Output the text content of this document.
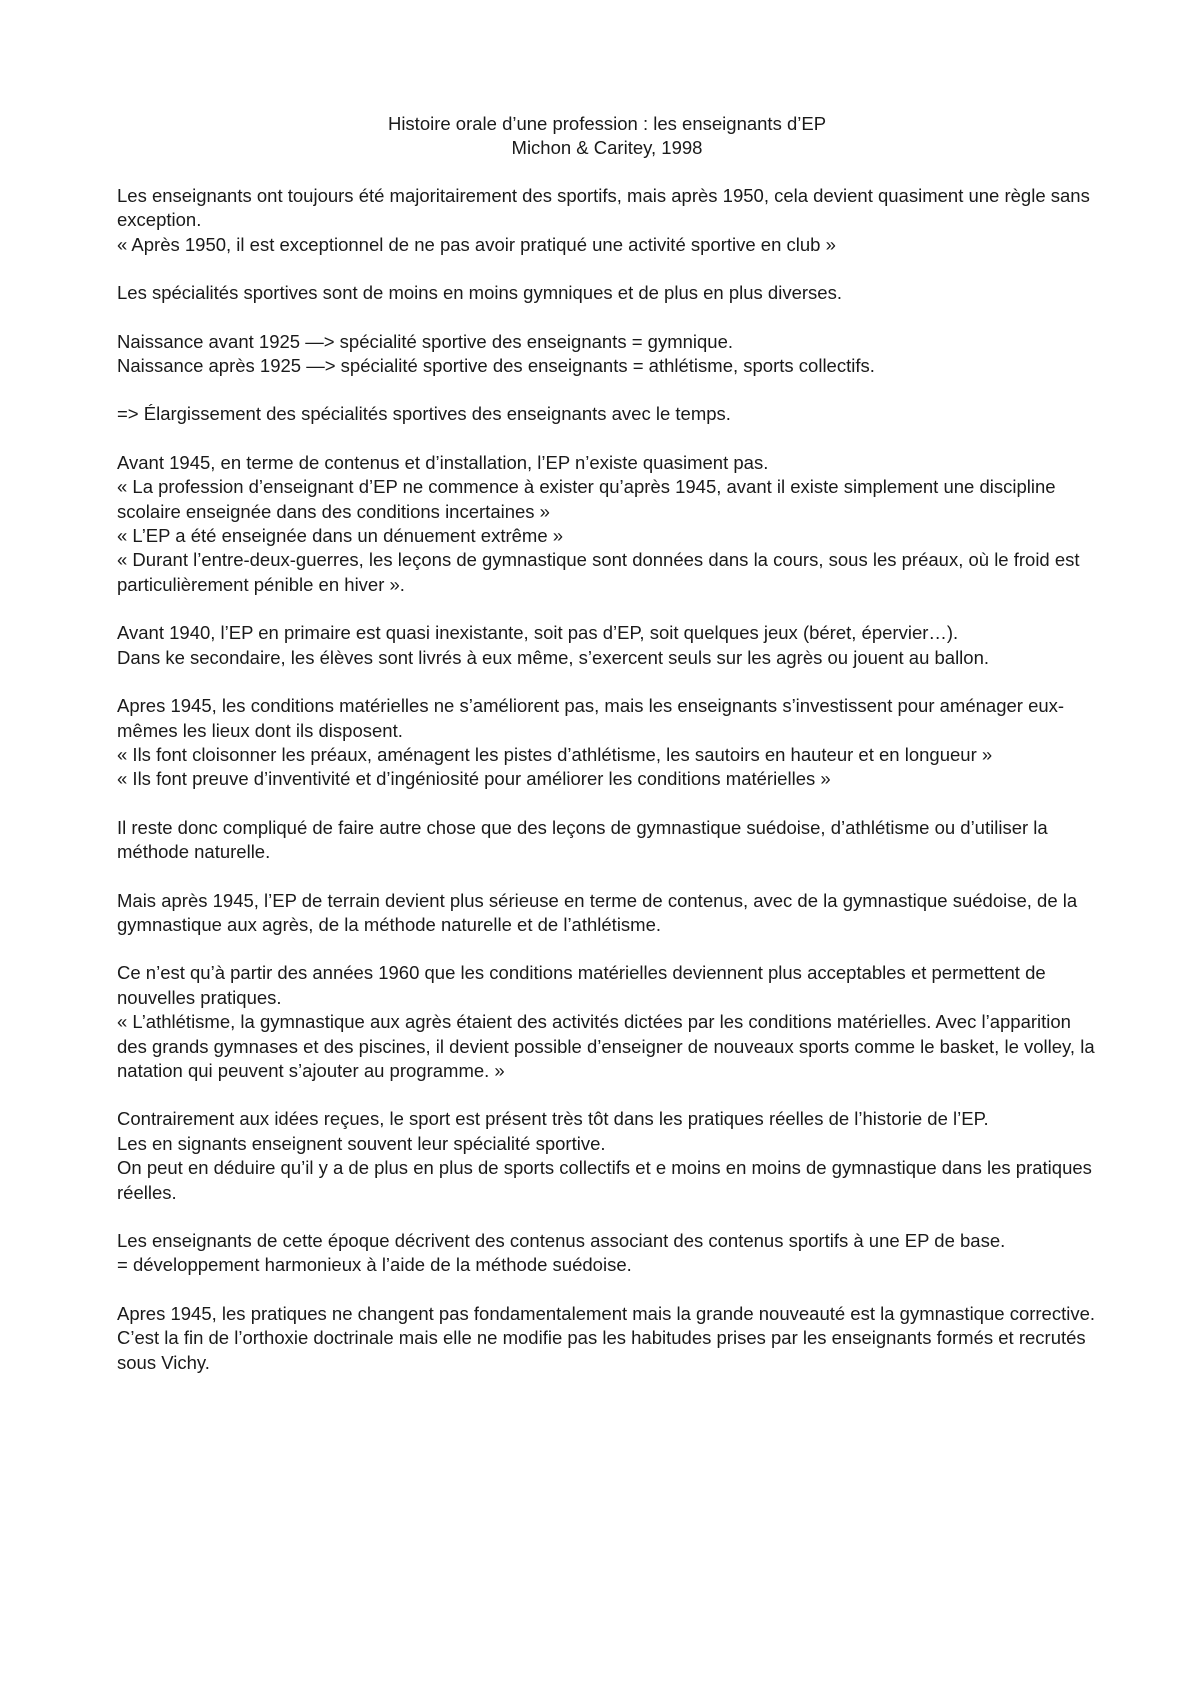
Histoire orale d’une profession : les enseignants d’EP
Michon & Caritey, 1998
Les enseignants ont toujours été majoritairement des sportifs, mais après 1950, cela devient quasiment une règle sans exception.
« Après 1950, il est exceptionnel de ne pas avoir pratiqué une activité sportive en club »
Les spécialités sportives sont de moins en moins gymniques et de plus en plus diverses.
Naissance avant 1925 —> spécialité sportive des enseignants = gymnique.
Naissance après 1925 —> spécialité sportive des enseignants = athlétisme, sports collectifs.
=> Élargissement des spécialités sportives des enseignants avec le temps.
Avant 1945, en terme de contenus et d’installation, l’EP n’existe quasiment pas.
« La profession d’enseignant d’EP ne commence à exister qu’après 1945, avant il existe simplement une discipline scolaire enseignée dans des conditions incertaines »
« L’EP a été enseignée dans un dénuement extrême »
« Durant l’entre-deux-guerres, les leçons de gymnastique sont données dans la cours, sous les préaux, où le froid est particulièrement pénible en hiver ».
Avant 1940, l’EP en primaire est quasi inexistante, soit pas d’EP, soit quelques jeux (béret, épervier…).
Dans ke secondaire, les élèves sont livrés à eux même, s’exercent seuls sur les agrès ou jouent au ballon.
Apres 1945, les conditions matérielles ne s’améliorent pas, mais les enseignants s’investissent pour aménager eux-mêmes les lieux dont ils disposent.
« Ils font cloisonner les préaux, aménagent les pistes d’athlétisme, les sautoirs en hauteur et en longueur »
« Ils font preuve d’inventivité et d’ingéniosité pour améliorer les conditions matérielles »
Il reste donc compliqué de faire autre chose que des leçons de gymnastique suédoise, d’athlétisme ou d’utiliser la méthode naturelle.
Mais après 1945, l’EP de terrain devient plus sérieuse en terme de contenus, avec de la gymnastique suédoise, de la gymnastique aux agrès, de la méthode naturelle et de l’athlétisme.
Ce n’est qu’à partir des années 1960 que les conditions matérielles deviennent plus acceptables et permettent de nouvelles pratiques.
« L’athlétisme, la gymnastique aux agrès étaient des activités dictées par les conditions matérielles. Avec l’apparition des grands gymnases et des piscines, il devient possible d’enseigner de nouveaux sports comme le basket, le volley, la natation qui peuvent s’ajouter au programme. »
Contrairement aux idées reçues, le sport est présent très tôt dans les pratiques réelles de l’historie de l’EP.
Les en signants enseignent souvent leur spécialité sportive.
On peut en déduire qu’il y a de plus en plus de sports collectifs et e moins en moins de gymnastique dans les pratiques réelles.
Les enseignants de cette époque décrivent des contenus associant des contenus sportifs à une EP de base.
= développement harmonieux à l’aide de la méthode suédoise.
Apres 1945, les pratiques ne changent pas fondamentalement mais la grande nouveauté est la gymnastique corrective.
C’est la fin de l’orthoxie doctrinale mais elle ne modifie pas les habitudes prises par les enseignants formés et recrutés sous Vichy.
